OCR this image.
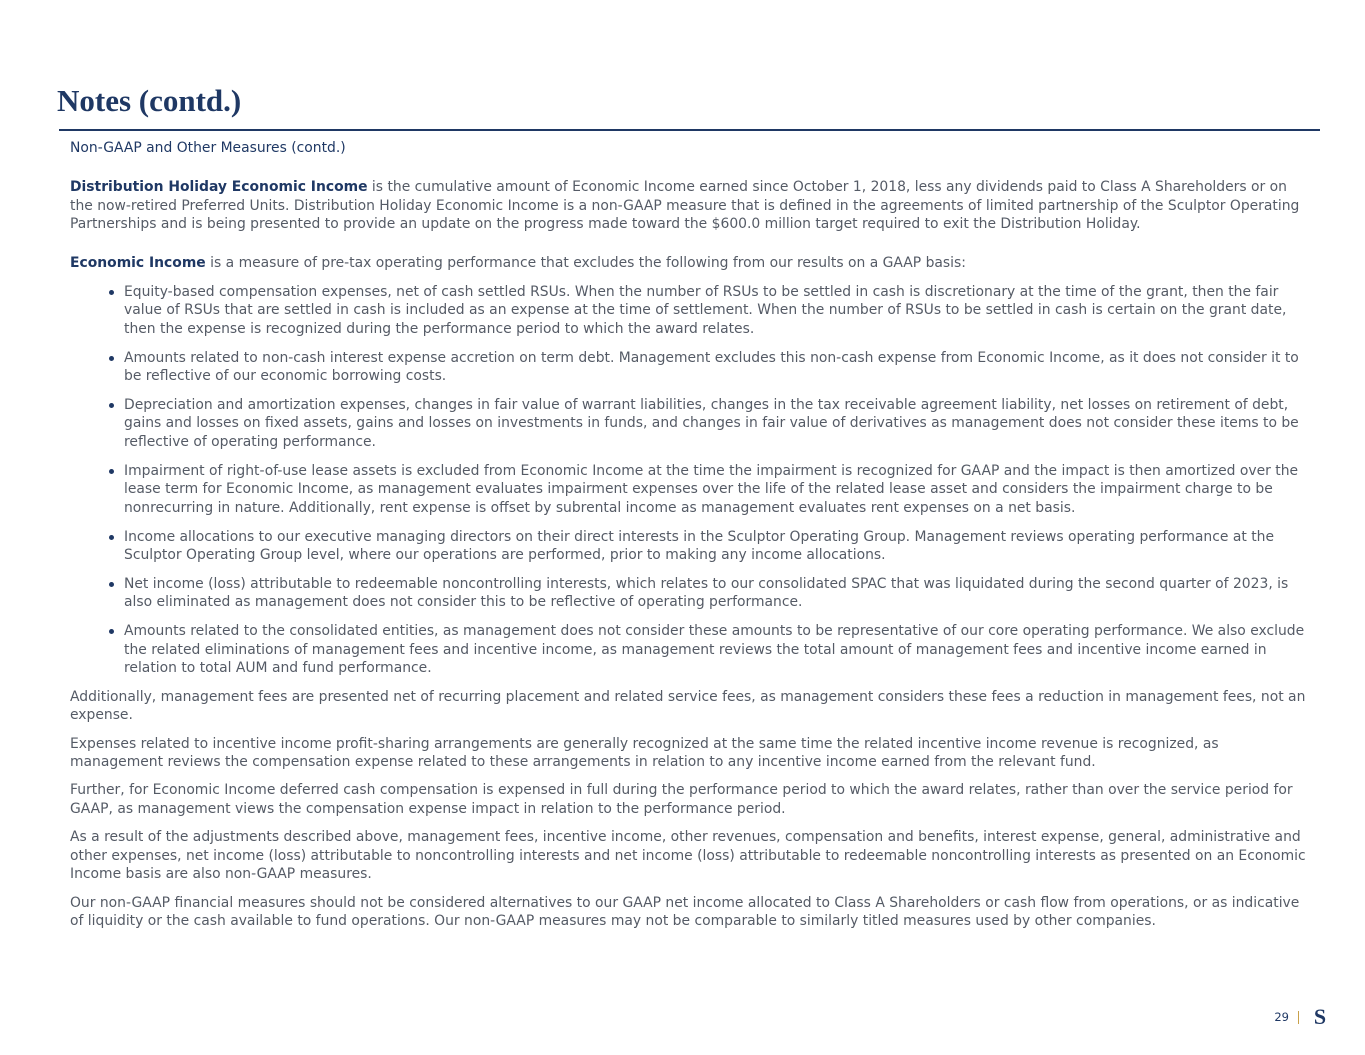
Notes (contd.)
Non-GAAP and Other Measures (contd.)

Distribution Holiday Economic Income is the cumulative amount of Economic Income earned since October 1, 2018, less any dividends paid to Class A Shareholders or on the now-retired Preferred Units. Distribution Holiday Economic Income is a non-GAAP measure that is defined in the agreements of limited partnership of the Sculptor Operating Partnerships and is being presented to provide an update on the progress made toward the $600.0 million target required to exit the Distribution Holiday.

Economic Income is a measure of pre-tax operating performance that excludes the following from our results on a GAAP basis:

Equity-based compensation expenses, net of cash settled RSUs. When the number of RSUs to be settled in cash is discretionary at the time of the grant, then the fair value of RSUs that are settled in cash is included as an expense at the time of settlement. When the number of RSUs to be settled in cash is certain on the grant date, then the expense is recognized during the performance period to which the award relates.
Amounts related to non-cash interest expense accretion on term debt. Management excludes this non-cash expense from Economic Income, as it does not consider it to be reflective of our economic borrowing costs.
Depreciation and amortization expenses, changes in fair value of warrant liabilities, changes in the tax receivable agreement liability, net losses on retirement of debt, gains and losses on fixed assets, gains and losses on investments in funds, and changes in fair value of derivatives as management does not consider these items to be reflective of operating performance.
Impairment of right-of-use lease assets is excluded from Economic Income at the time the impairment is recognized for GAAP and the impact is then amortized over the lease term for Economic Income, as management evaluates impairment expenses over the life of the related lease asset and considers the impairment charge to be nonrecurring in nature. Additionally, rent expense is offset by subrental income as management evaluates rent expenses on a net basis.
Income allocations to our executive managing directors on their direct interests in the Sculptor Operating Group. Management reviews operating performance at the Sculptor Operating Group level, where our operations are performed, prior to making any income allocations.
Net income (loss) attributable to redeemable noncontrolling interests, which relates to our consolidated SPAC that was liquidated during the second quarter of 2023, is also eliminated as management does not consider this to be reflective of operating performance.
Amounts related to the consolidated entities, as management does not consider these amounts to be representative of our core operating performance. We also exclude the related eliminations of management fees and incentive income, as management reviews the total amount of management fees and incentive income earned in relation to total AUM and fund performance.

Additionally, management fees are presented net of recurring placement and related service fees, as management considers these fees a reduction in management fees, not an expense.

Expenses related to incentive income profit-sharing arrangements are generally recognized at the same time the related incentive income revenue is recognized, as management reviews the compensation expense related to these arrangements in relation to any incentive income earned from the relevant fund.

Further, for Economic Income deferred cash compensation is expensed in full during the performance period to which the award relates, rather than over the service period for GAAP, as management views the compensation expense impact in relation to the performance period.

As a result of the adjustments described above, management fees, incentive income, other revenues, compensation and benefits, interest expense, general, administrative and other expenses, net income (loss) attributable to noncontrolling interests and net income (loss) attributable to redeemable noncontrolling interests as presented on an Economic Income basis are also non-GAAP measures.

Our non-GAAP financial measures should not be considered alternatives to our GAAP net income allocated to Class A Shareholders or cash flow from operations, or as indicative of liquidity or the cash available to fund operations. Our non-GAAP measures may not be comparable to similarly titled measures used by other companies.

29 S
